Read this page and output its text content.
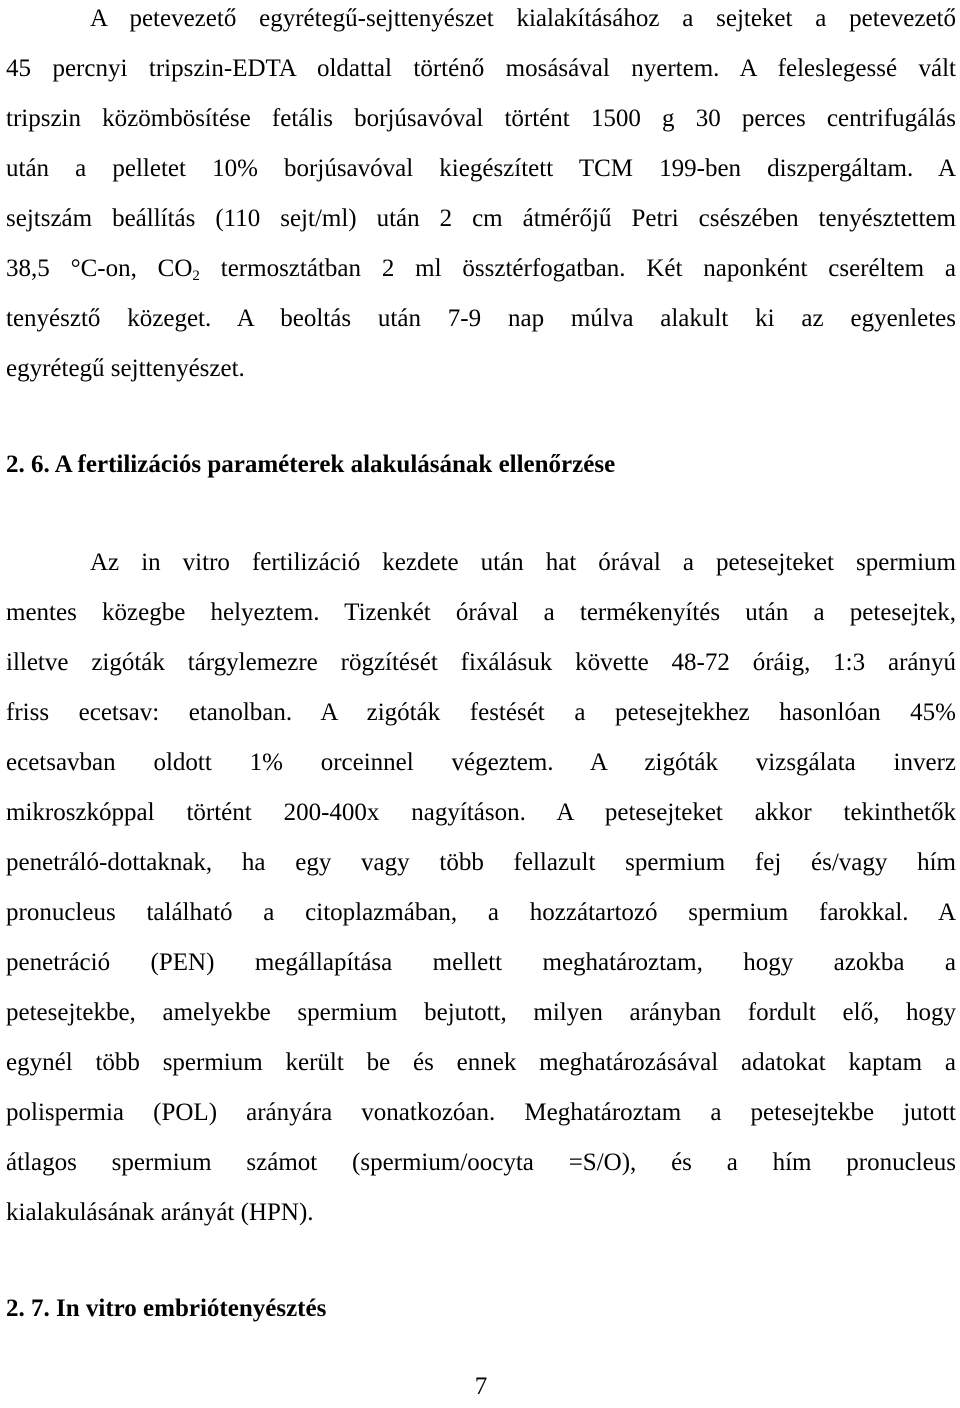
A petevezető egyrétegű-sejttenyészet kialakításához a sejteket a petevezető
45 percnyi tripszin-EDTA oldattal történő mosásával nyertem. A feleslegessé vált
tripszin közömbösítése fetális borjúsavóval történt 1500 g 30 perces centrifugálás
után a pelletet 10% borjúsavóval kiegészített TCM 199-ben diszpergáltam. A
sejtszám beállítás (110 sejt/ml) után 2 cm átmérőjű Petri csészében tenyésztettem
38,5 °C-on, $CO_2$ termosztátban 2 ml össztérfogatban. Két naponként cseréltem a
tenyésztő közeget. A beoltás után 7-9 nap múlva alakult ki az egyenletes
egyrétegű sejttenyészet.
2. 6. A fertilizációs paraméterek alakulásának ellenőrzése
Az in vitro fertilizáció kezdete után hat órával a petesejteket spermium
mentes közegbe helyeztem. Tizenkét órával a termékenyítés után a petesejtek,
illetve zigóták tárgylemezre rögzítését fixálásuk követte 48-72 óráig, 1:3 arányú
friss ecetsav: etanolban. A zigóták festését a petesejtekhez hasonlóan 45%
ecetsavban oldott 1% orceinnel végeztem. A zigóták vizsgálata inverz
mikroszkóppal történt 200-400x nagyításon. A petesejteket akkor tekinthetők
penetráló-dottaknak, ha egy vagy több fellazult spermium fej és/vagy hím
pronucleus található a citoplazmában, a hozzátartozó spermium farokkal. A
penetráció (PEN) megállapítása mellett meghatároztam, hogy azokba a
petesejtekbe, amelyekbe spermium bejutott, milyen arányban fordult elő, hogy
egynél több spermium került be és ennek meghatározásával adatokat kaptam a
polispermia (POL) arányára vonatkozóan. Meghatároztam a petesejtekbe jutott
átlagos spermium számot (spermium/oocyta =S/O), és a hím pronucleus
kialakulásának arányát (HPN).
2. 7. In vitro embriótenyésztés
7
